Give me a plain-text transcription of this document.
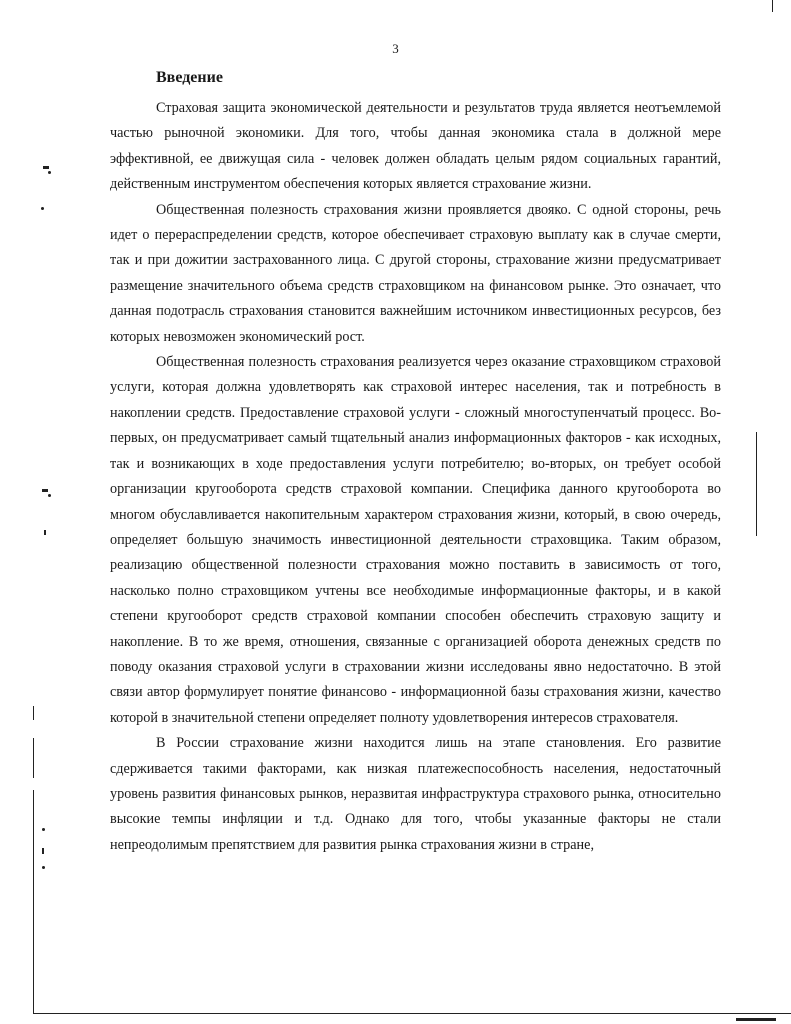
3
Введение

Страховая защита экономической деятельности и результатов труда является неотъемлемой частью рыночной экономики. Для того, чтобы данная экономика стала в должной мере эффективной, ее движущая сила - человек должен обладать целым рядом социальных гарантий, действенным инструментом обеспечения которых является страхование жизни.

Общественная полезность страхования жизни проявляется двояко. С одной стороны, речь идет о перераспределении средств, которое обеспечивает страховую выплату как в случае смерти, так и при дожитии застрахованного лица. С другой стороны, страхование жизни предусматривает размещение значительного объема средств страховщиком на финансовом рынке. Это означает, что данная подотрасль страхования становится важнейшим источником инвестиционных ресурсов, без которых невозможен экономический рост.

Общественная полезность страхования реализуется через оказание страховщиком страховой услуги, которая должна удовлетворять как страховой интерес населения, так и потребность в накоплении средств. Предоставление страховой услуги - сложный многоступенчатый процесс. Во-первых, он предусматривает самый тщательный анализ информационных факторов - как исходных, так и возникающих в ходе предоставления услуги потребителю; во-вторых, он требует особой организации кругооборота средств страховой компании. Специфика данного кругооборота во многом обуславливается накопительным характером страхования жизни, который, в свою очередь, определяет большую значимость инвестиционной деятельности страховщика. Таким образом, реализацию общественной полезности страхования можно поставить в зависимость от того, насколько полно страховщиком учтены все необходимые информационные факторы, и в какой степени кругооборот средств страховой компании способен обеспечить страховую защиту и накопление. В то же время, отношения, связанные с организацией оборота денежных средств по поводу оказания страховой услуги в страховании жизни исследованы явно недостаточно. В этой связи автор формулирует понятие финансово - информационной базы страхования жизни, качество которой в значительной степени определяет полноту удовлетворения интересов страхователя.

В России страхование жизни находится лишь на этапе становления. Его развитие сдерживается такими факторами, как низкая платежеспособность населения, недостаточный уровень развития финансовых рынков, неразвитая инфраструктура страхового рынка, относительно высокие темпы инфляции и т.д. Однако для того, чтобы указанные факторы не стали непреодолимым препятствием для развития рынка страхования жизни в стране,
